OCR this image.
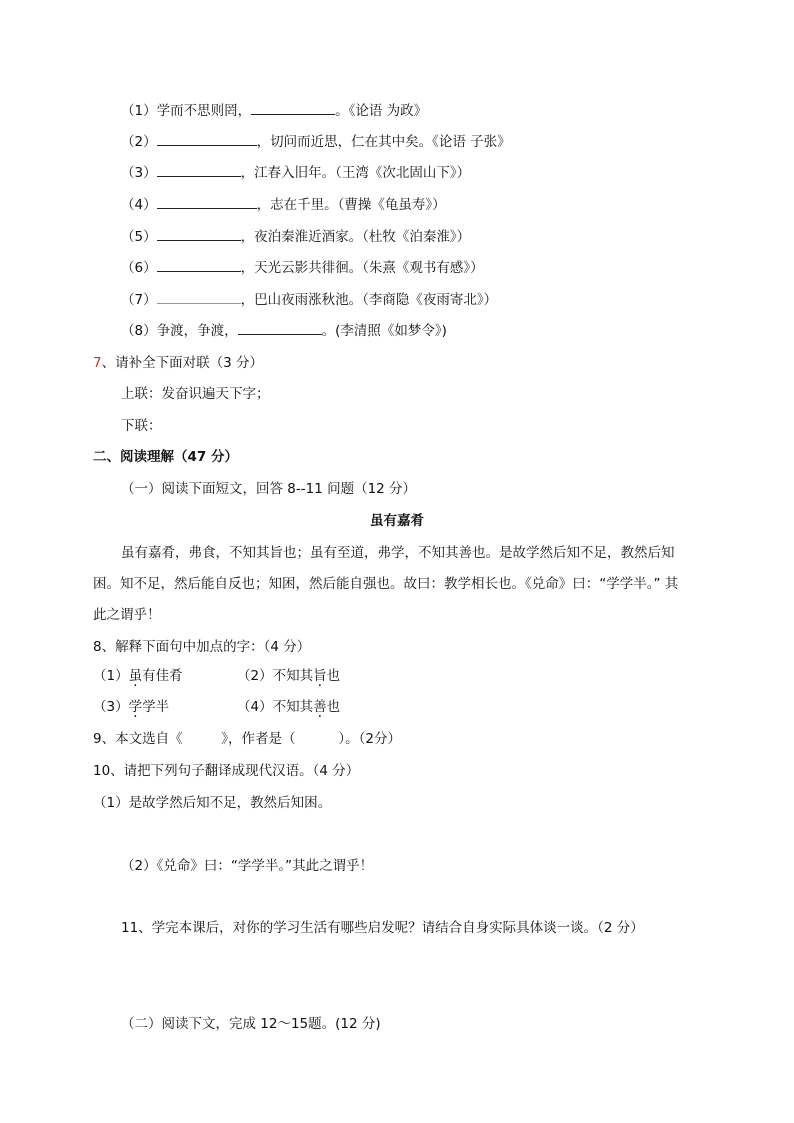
（1）学而不思则罔，	。《论语 为政》
（2）	，切问而近思，仁在其中矣。《论语 子张》
（3）	，江春入旧年。（王湾《次北固山下》）
（4）	，志在千里。（曹操《龟虽寿》）
（5）	，夜泊秦淮近酒家。（杜牧《泊秦淮》）
（6）	，天光云影共徘徊。（朱熹《观书有感》）
（7）	，巴山夜雨涨秋池。（李商隐《夜雨寄北》）
（8）争渡，争渡，	。(李清照《如梦令》)
7、请补全下面对联（3 分）
上联：发奋识遍天下字；
下联：
二、阅读理解（47 分）
（一）阅读下面短文，回答 8--11 问题（12 分）
虽有嘉肴
虽有嘉肴，弗食，不知其旨也；虽有至道，弗学，不知其善也。是故学然后知不足，教然后知
困。知不足，然后能自反也；知困，然后能自强也。故曰：教学相长也。《兑命》曰：“学学半。” 其
此之谓乎！
8、解释下面句中加点的字：（4 分）
（1）虽有佳肴	（2）不知其旨也
（3）学学半	（4）不知其善也
9、本文选自《         》，作者是（          ）。（2分）
10、请把下列句子翻译成现代汉语。（4 分）
（1）是故学然后知不足，教然后知困。
（2）《兑命》曰：“学学半。”其此之谓乎！
11、学完本课后，对你的学习生活有哪些启发呢？请结合自身实际具体谈一谈。（2 分）
（二）阅读下文，完成 12～15题。(12 分)
